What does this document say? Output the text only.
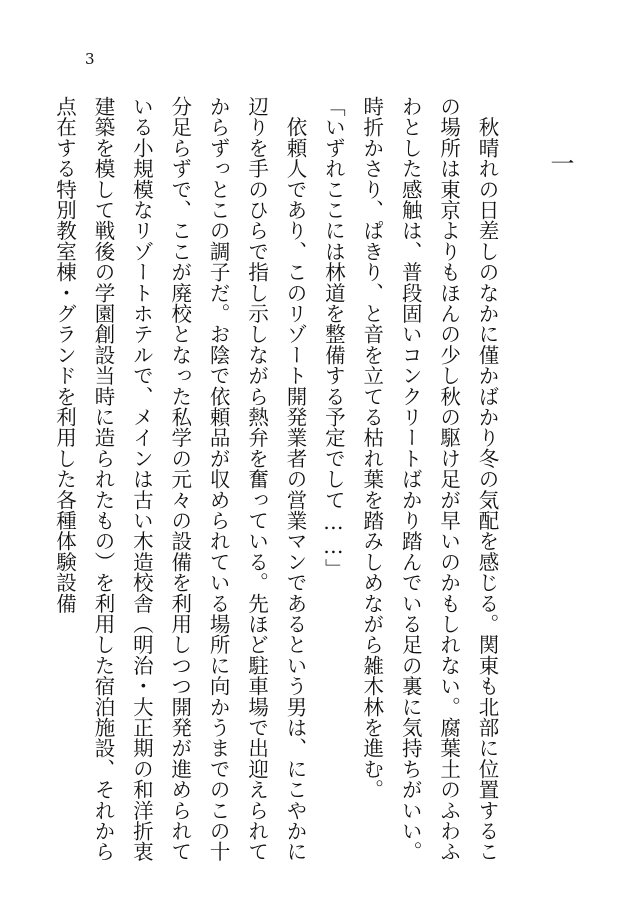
3
一

　秋晴れの日差しのなかに僅かばかり冬の気配を感じる。関東も北部に位置するこの場所は東京よりもほんの少し秋の駆け足が早いのかもしれない。腐葉土のふわふわとした感触は、普段固いコンクリートばかり踏んでいる足の裏に気持ちがいい。時折かさり、ぱきり、と音を立てる枯れ葉を踏みしめながら雑木林を進む。

「いずれここには林道を整備する予定でして……」

　依頼人であり、このリゾート開発業者の営業マンであるという男は、にこやかに辺りを手のひらで指し示しながら熱弁を奮っている。先ほど駐車場で出迎えられてからずっとこの調子だ。お陰で依頼品が収められている場所に向かうまでのこの十分足らずで、ここが廃校となった私学の元々の設備を利用しつつ開発が進められている小規模なリゾートホテルで、メインは古い木造校舎（明治・大正期の和洋折衷建築を模して戦後の学園創設当時に造られたもの）を利用した宿泊施設、それから点在する特別教室棟・グランドを利用した各種体験設備
